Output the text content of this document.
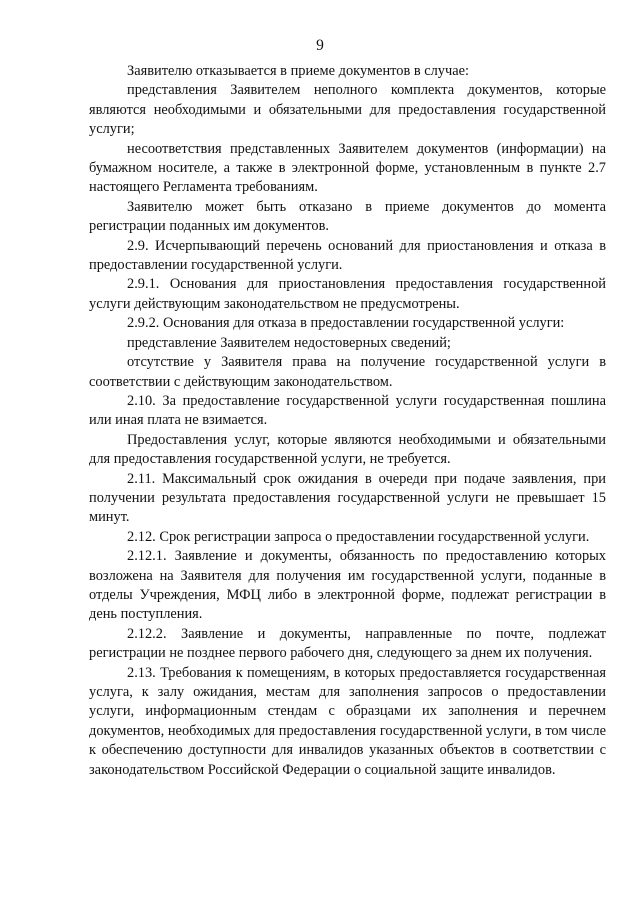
9

Заявителю отказывается в приеме документов в случае:

представления Заявителем неполного комплекта документов, которые являются необходимыми и обязательными для предоставления государственной услуги;

несоответствия представленных Заявителем документов (информации) на бумажном носителе, а также в электронной форме, установленным в пункте 2.7 настоящего Регламента требованиям.

Заявителю может быть отказано в приеме документов до момента регистрации поданных им документов.

2.9. Исчерпывающий перечень оснований для приостановления и отказа в предоставлении государственной услуги.

2.9.1. Основания для приостановления предоставления государственной услуги действующим законодательством не предусмотрены.

2.9.2. Основания для отказа в предоставлении государственной услуги:

представление Заявителем недостоверных сведений;

отсутствие у Заявителя права на получение государственной услуги в соответствии с действующим законодательством.

2.10. За предоставление государственной услуги государственная пошлина или иная плата не взимается.

Предоставления услуг, которые являются необходимыми и обязательными для предоставления государственной услуги, не требуется.

2.11. Максимальный срок ожидания в очереди при подаче заявления, при получении результата предоставления государственной услуги не превышает 15 минут.

2.12. Срок регистрации запроса о предоставлении государственной услуги.

2.12.1. Заявление и документы, обязанность по предоставлению которых возложена на Заявителя для получения им государственной услуги, поданные в отделы Учреждения, МФЦ либо в электронной форме, подлежат регистрации в день поступления.

2.12.2. Заявление и документы, направленные по почте, подлежат регистрации не позднее первого рабочего дня, следующего за днем их получения.

2.13. Требования к помещениям, в которых предоставляется государственная услуга, к залу ожидания, местам для заполнения запросов о предоставлении услуги, информационным стендам с образцами их заполнения и перечнем документов, необходимых для предоставления государственной услуги, в том числе к обеспечению доступности для инвалидов указанных объектов в соответствии с законодательством Российской Федерации о социальной защите инвалидов.
